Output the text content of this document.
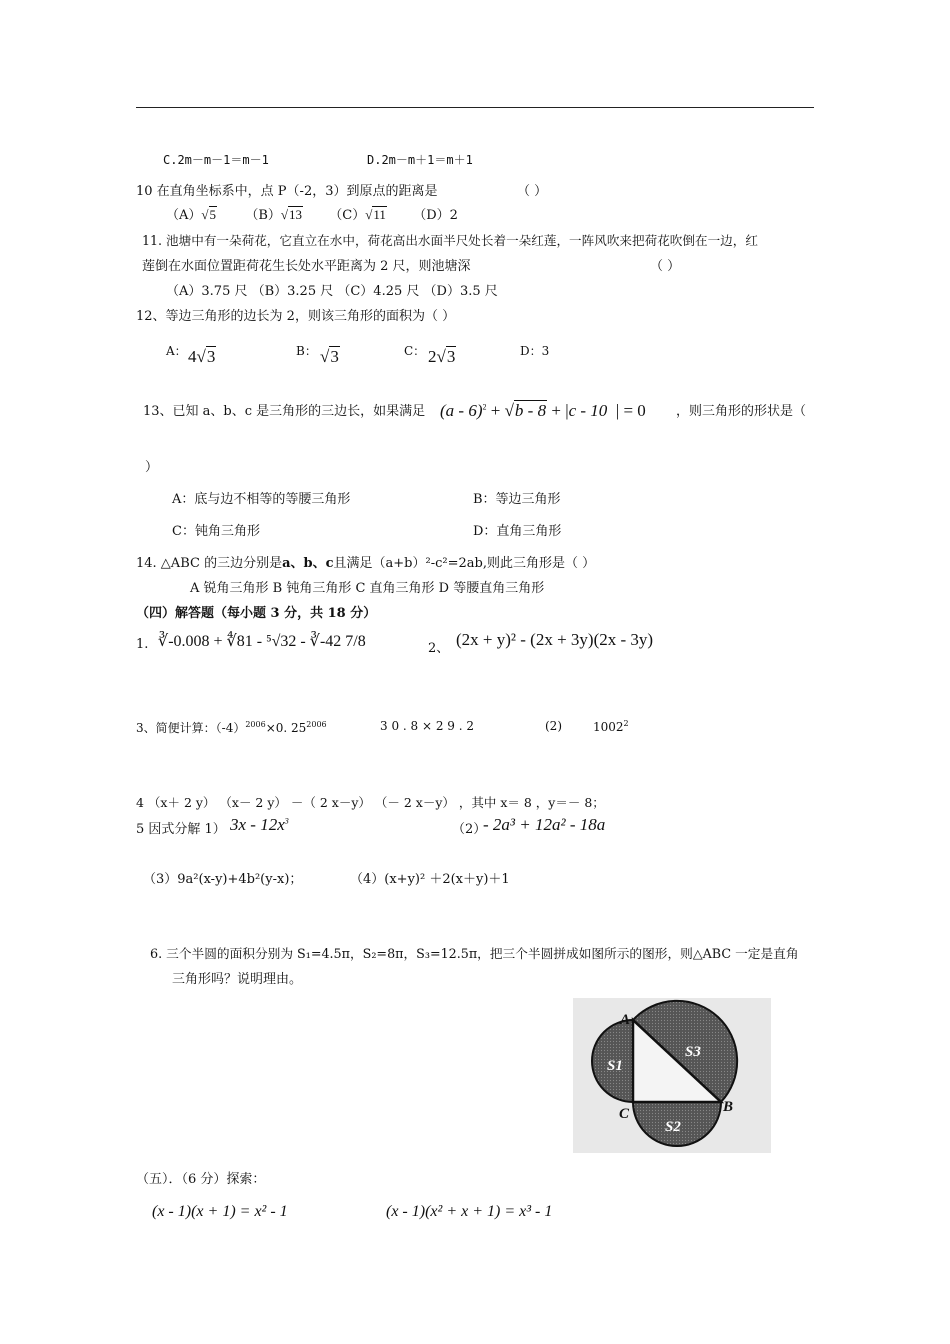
C.2m－m－1＝m－1	D.2m－m＋1＝m＋1
10 在直角坐标系中，点 P（-2，3）到原点的距离是	（ ）
（A）√5 （B）√13 （C）√11 （D）2
11. 池塘中有一朵荷花，它直立在水中，荷花高出水面半尺处长着一朵红莲，一阵风吹来把荷花吹倒在一边，红
莲倒在水面位置距荷花生长处水平距离为 2 尺，则池塘深	（ ）
（A）3.75 尺 （B）3.25 尺 （C）4.25 尺 （D）3.5 尺
12、等边三角形的边长为 2，则该三角形的面积为（ ）
A： 4√3	B： √3	C： 2√3	D：3
13、已知 a、b、c 是三角形的三边长，如果满足 (a - 6)$^2$ + √b - 8 + |c - 10  | = 0 ，则三角形的形状是（
）
A：底与边不相等的等腰三角形	B：等边三角形
C：钝角三角形	D：直角三角形
14. △ABC 的三边分别是a、b、c且满足（a+b）²-c²=2ab,则此三角形是（ ）
A 锐角三角形 B 钝角三角形 C 直角三角形 D 等腰直角三角形
（四）解答题（每小题 3 分，共 18 分）
1. ∛-0.008 + ∜81 - ⁵√32 - ∛-42 7/8	2、 (2x + y)² - (2x + 3y)(2x - 3y)
3、简便计算：$(-4)^{2006}\times 0$. $25^{2006}$	3 0 . 8 × 2 9 . 2	(2)	1002$^2$
4 （x＋ 2 y） （x－ 2 y） －（ 2 x－y） （－ 2 x－y） ，其中 x＝ 8 ，y＝－ 8；
5 因式分解 1） $3x - 12x^3$
（2）
- 2a³ + 12a² - 18a
（3）9a²(x-y)+4b²(y-x)；	（4）(x+y)² ＋2(x＋y)＋1
6. 三个半圆的面积分别为 S₁=4.5π，S₂=8π，S₃=12.5π，把三个半圆拼成如图所示的图形，则△ABC 一定是直角
三角形吗？说明理由。
A
B
C
S1
S2
S3
（五）．（6 分）探索：
(x - 1)(x + 1) = x² - 1	(x - 1)(x² + x + 1) = x³ - 1
